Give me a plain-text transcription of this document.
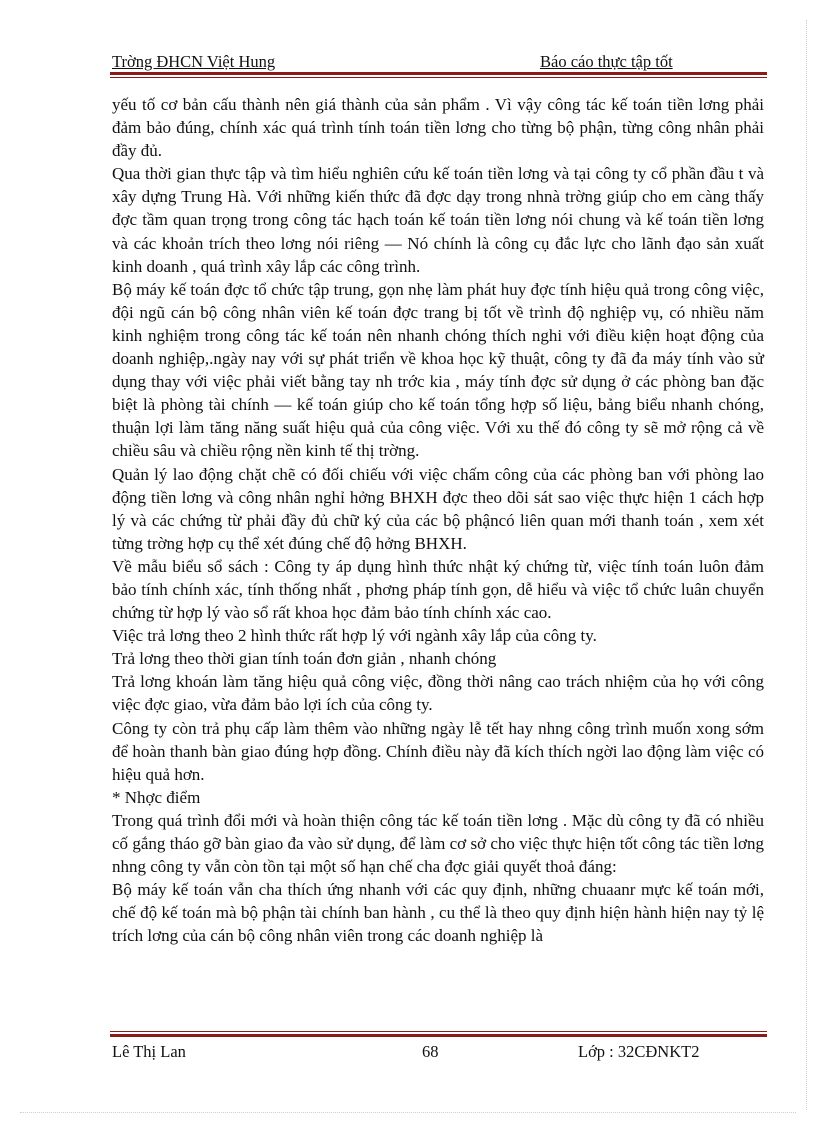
Trờng ĐHCN Việt Hung	Báo cáo thực tập tốt

yếu tố cơ bản cấu thành nên giá thành của sản phẩm . Vì vậy công tác kế toán tiền lơng phải đảm bảo đúng, chính xác quá trình tính toán tiền lơng cho từng bộ phận, từng công nhân phải đầy đủ.

Qua thời gian thực tập và tìm hiểu nghiên cứu kế toán tiền lơng và tại công ty cổ phần đầu t và xây dựng Trung Hà. Với những kiến thức đã đợc dạy trong nhnà trờng giúp cho em càng thấy đợc tầm quan trọng trong công tác hạch toán kế toán tiền lơng nói chung và kế toán tiền lơng và các khoản trích theo lơng nói riêng — Nó chính là công cụ đắc lực cho lãnh đạo sản xuất kinh doanh , quá trình xây lắp các công trình.

Bộ máy kế toán đợc tổ chức tập trung, gọn nhẹ làm phát huy đợc tính hiệu quả trong công việc, đội ngũ cán bộ công nhân viên kế toán đợc trang bị tốt về trình độ nghiệp vụ, có nhiều năm kinh nghiệm trong công tác kế toán nên nhanh chóng thích nghi với điều kiện hoạt động của doanh nghiệp,.ngày nay với sự phát triển về khoa học kỹ thuật, công ty đã đa máy tính vào sử dụng thay với việc phải viết bằng tay nh trớc kia , máy tính đợc sử dụng ở các phòng ban đặc biệt là phòng tài chính — kế toán giúp cho kế toán tổng hợp số liệu, bảng biểu nhanh chóng, thuận lợi làm tăng năng suất hiệu quả của công việc. Với xu thế đó công ty sẽ mở rộng cả về chiều sâu và chiều rộng nền kinh tế thị trờng.

Quản lý lao động chặt chẽ có đối chiếu với việc chấm công của các phòng ban với phòng lao động tiền lơng và công nhân nghỉ hởng BHXH đợc theo dõi sát sao việc thực hiện 1 cách hợp lý và các chứng từ phải đầy đủ chữ ký của các bộ phậncó liên quan mới thanh toán , xem xét từng trờng hợp cụ thể xét đúng chế độ hởng BHXH.

Về mẫu biểu sổ sách : Công ty áp dụng hình thức nhật ký chứng từ, việc tính toán luôn đảm bảo tính chính xác, tính thống nhất , phơng pháp tính gọn, dễ hiểu và việc tổ chức luân chuyển chứng từ hợp lý vào sổ rất khoa học đảm bảo tính chính xác cao.

Việc trả lơng theo 2 hình thức rất hợp lý với ngành xây lắp của công ty.

Trả lơng theo thời gian tính toán đơn giản , nhanh chóng

Trả lơng khoán làm tăng hiệu quả công việc, đồng thời nâng cao trách nhiệm của họ với công việc đợc giao, vừa đảm bảo lợi ích của công ty.

Công ty còn trả phụ cấp làm thêm vào những ngày lễ tết hay nhng công trình muốn xong sớm để hoàn thanh bàn giao đúng hợp đồng. Chính điều này đã kích thích ngời lao động làm việc có hiệu quả hơn.

* Nhợc điểm

Trong quá trình đổi mới và hoàn thiện công tác kế toán tiền lơng . Mặc dù công ty đã có nhiều cố gắng tháo gỡ bàn giao đa vào sử dụng, để làm cơ sở cho việc thực hiện tốt công tác tiền lơng nhng công ty vẫn còn tồn tại một số hạn chế cha đợc giải quyết thoả đáng:

Bộ máy kế toán vẫn cha thích ứng nhanh với các quy định, những chuaanr mực kế toán mới, chế độ kế toán mà bộ phận tài chính ban hành , cu thể là theo quy định hiện hành hiện nay tỷ lệ trích lơng của cán bộ công nhân viên trong các doanh nghiệp là

Lê Thị Lan	68	Lớp : 32CĐNKT2
